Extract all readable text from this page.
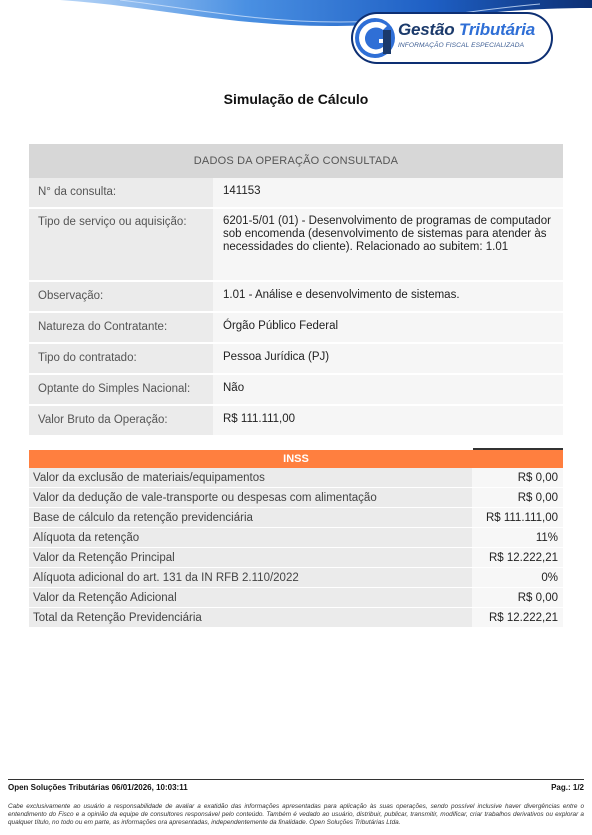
Gestão Tributária
INFORMAÇÃO FISCAL ESPECIALIZADA
Simulação de Cálculo
DADOS DA OPERAÇÃO CONSULTADA
N° da consulta:	141153
Tipo de serviço ou aquisição:	6201-5/01 (01) - Desenvolvimento de programas de computador sob encomenda (desenvolvimento de sistemas para atender às necessidades do cliente). Relacionado ao subitem: 1.01
Observação:	1.01 - Análise e desenvolvimento de sistemas.
Natureza do Contratante:	Órgão Público Federal
Tipo do contratado:	Pessoa Jurídica (PJ)
Optante do Simples Nacional:	Não
Valor Bruto da Operação:	R$ 111.111,00
INSS
Valor da exclusão de materiais/equipamentos	R$ 0,00
Valor da dedução de vale-transporte ou despesas com alimentação	R$ 0,00
Base de cálculo da retenção previdenciária	R$ 111.111,00
Alíquota da retenção	11%
Valor da Retenção Principal	R$ 12.222,21
Alíquota adicional do art. 131 da IN RFB 2.110/2022	0%
Valor da Retenção Adicional	R$ 0,00
Total da Retenção Previdenciária	R$ 12.222,21
Open Soluções Tributárias 06/01/2026, 10:03:11	Pag.: 1/2
Cabe exclusivamente ao usuário a responsabilidade de avaliar a exatidão das informações apresentadas para aplicação às suas operações, sendo possível inclusive haver divergências entre o entendimento do Fisco e a opinião da equipe de consultores responsável pelo conteúdo. Também é vedado ao usuário, distribuir, publicar, transmitir, modificar, criar trabalhos derivativos ou explorar a qualquer título, no todo ou em parte, as informações ora apresentadas, independentemente da finalidade. Open Soluções Tributárias Ltda.
